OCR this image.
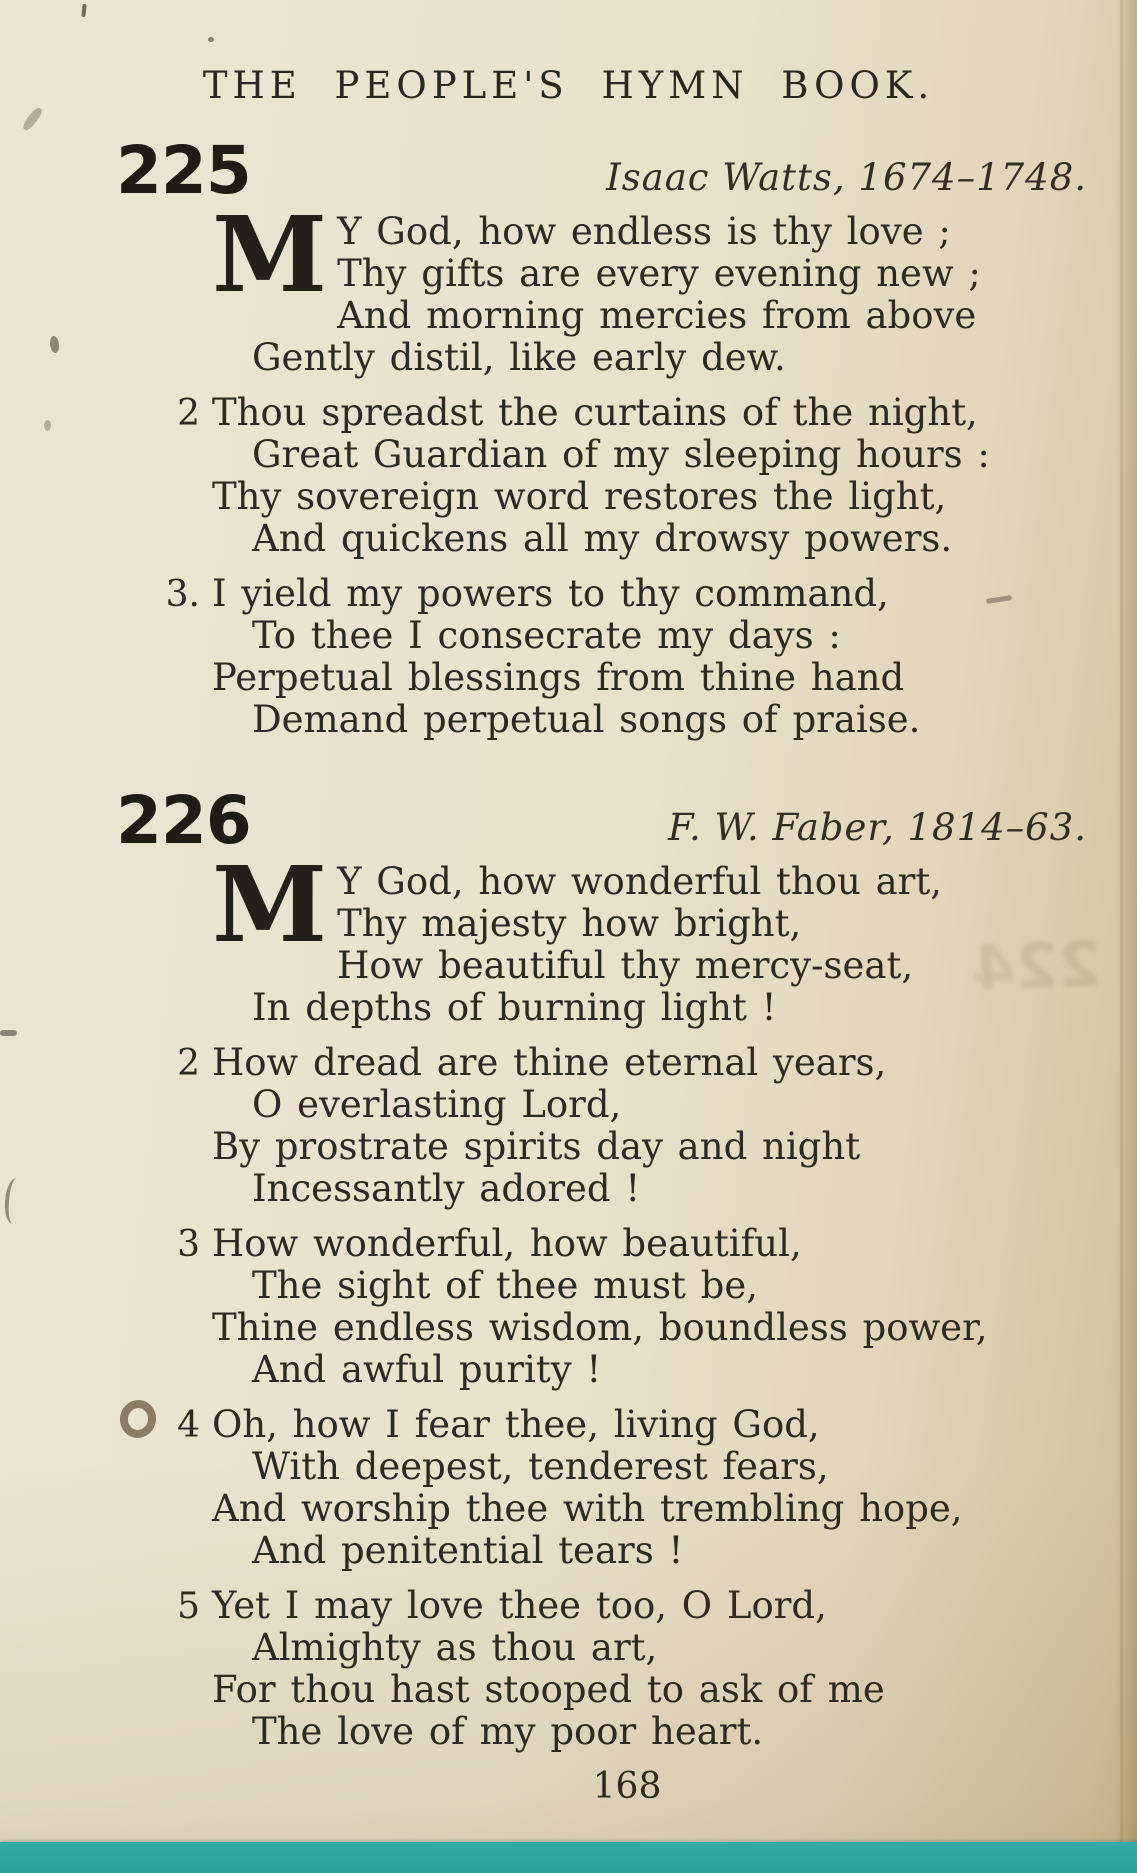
THE PEOPLE'S HYMN BOOK.
225	Isaac Watts, 1674–1748.
M Y God, how endless is thy love ;
Thy gifts are every evening new ;
And morning mercies from above
Gently distil, like early dew.
2 Thou spreadst the curtains of the night,
Great Guardian of my sleeping hours :
Thy sovereign word restores the light,
And quickens all my drowsy powers.
3. I yield my powers to thy command,
To thee I consecrate my days :
Perpetual blessings from thine hand
Demand perpetual songs of praise.
226	F. W. Faber, 1814–63.
M Y God, how wonderful thou art,
Thy majesty how bright,
How beautiful thy mercy-seat,
In depths of burning light !
2 How dread are thine eternal years,
O everlasting Lord,
By prostrate spirits day and night
Incessantly adored !
3 How wonderful, how beautiful,
The sight of thee must be,
Thine endless wisdom, boundless power,
And awful purity !
4 Oh, how I fear thee, living God,
With deepest, tenderest fears,
And worship thee with trembling hope,
And penitential tears !
5 Yet I may love thee too, O Lord,
Almighty as thou art,
For thou hast stooped to ask of me
The love of my poor heart.
168
224
